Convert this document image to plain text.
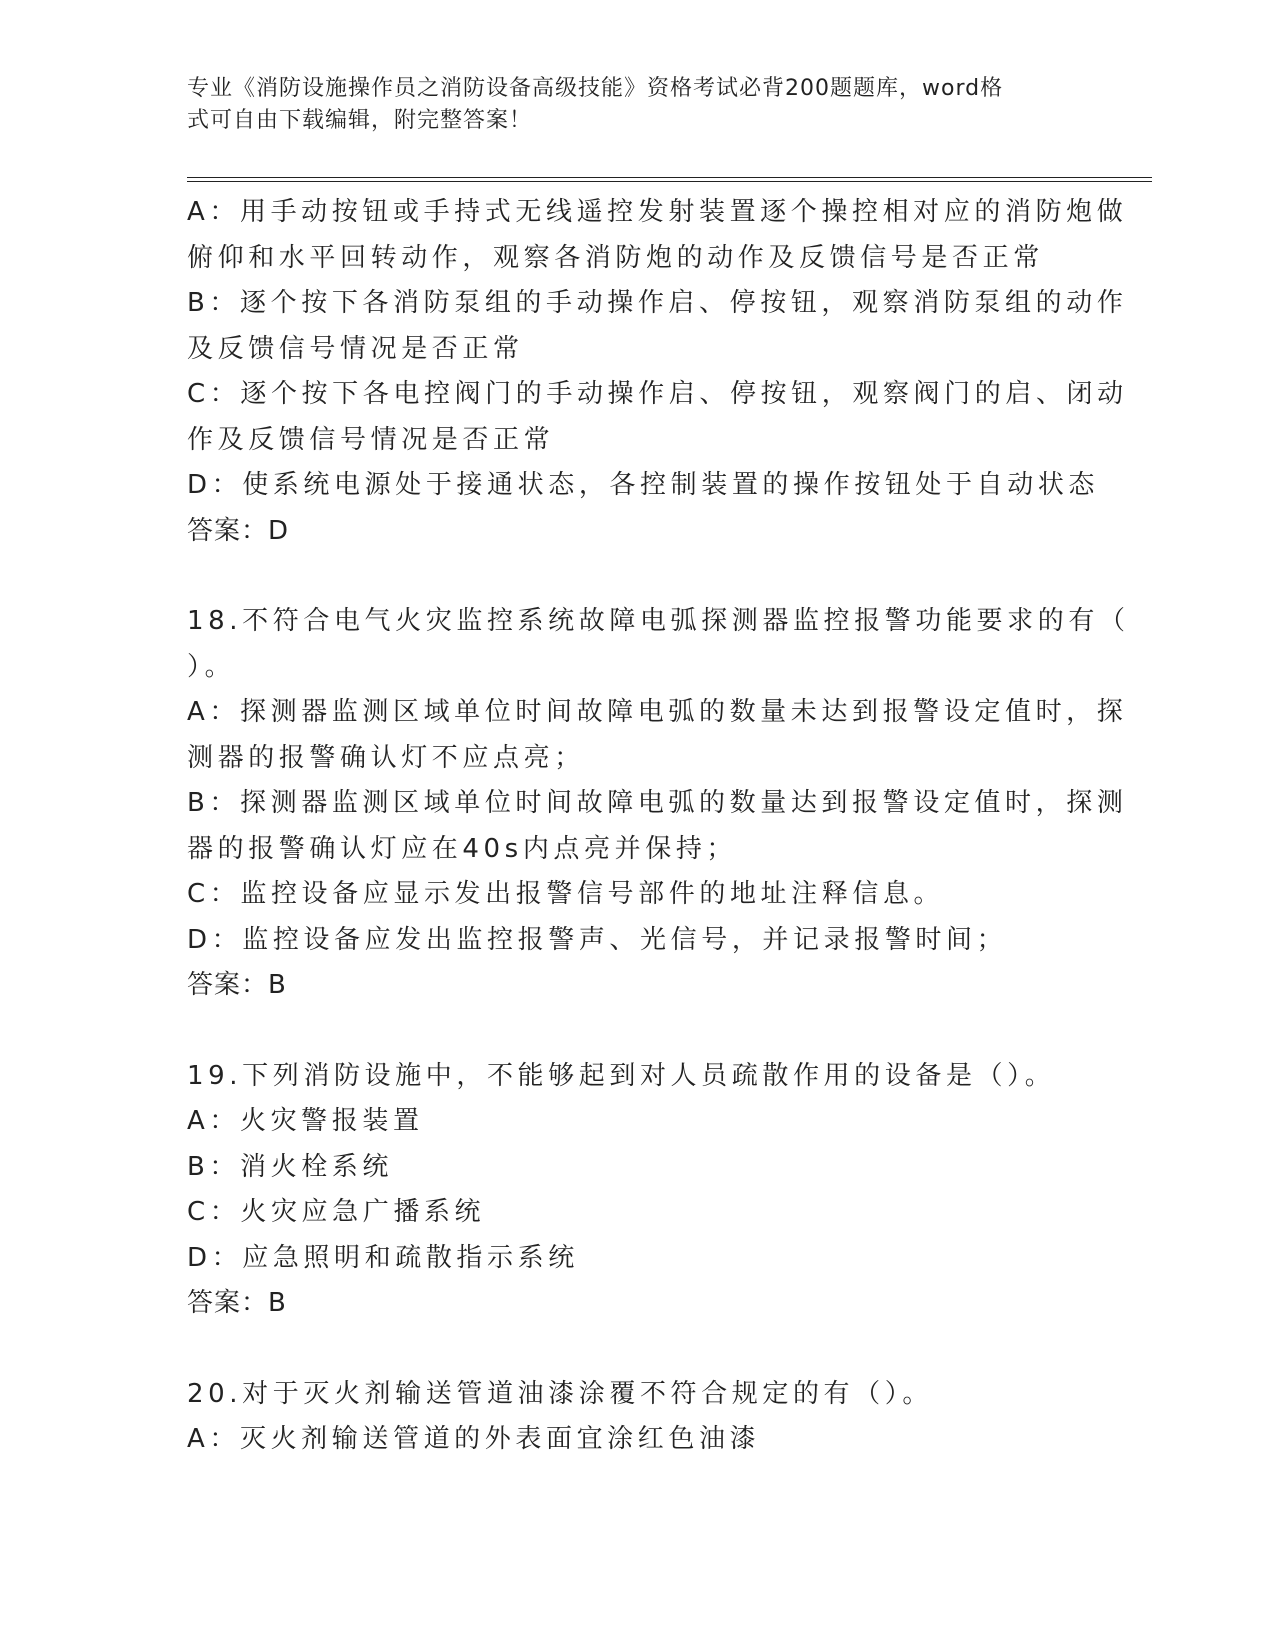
专业《消防设施操作员之消防设备高级技能》资格考试必背200题题库，word格
式可自由下载编辑，附完整答案！
A：用手动按钮或手持式无线遥控发射装置逐个操控相对应的消防炮做
俯仰和水平回转动作，观察各消防炮的动作及反馈信号是否正常
B：逐个按下各消防泵组的手动操作启、停按钮，观察消防泵组的动作
及反馈信号情况是否正常
C：逐个按下各电控阀门的手动操作启、停按钮，观察阀门的启、闭动
作及反馈信号情况是否正常
D：使系统电源处于接通状态，各控制装置的操作按钮处于自动状态
答案：D
18.不符合电气火灾监控系统故障电弧探测器监控报警功能要求的有（
）。
A：探测器监测区域单位时间故障电弧的数量未达到报警设定值时，探
测器的报警确认灯不应点亮；
B：探测器监测区域单位时间故障电弧的数量达到报警设定值时，探测
器的报警确认灯应在40s内点亮并保持；
C：监控设备应显示发出报警信号部件的地址注释信息。
D：监控设备应发出监控报警声、光信号，并记录报警时间；
答案：B
19.下列消防设施中，不能够起到对人员疏散作用的设备是（）。
A：火灾警报装置
B：消火栓系统
C：火灾应急广播系统
D：应急照明和疏散指示系统
答案：B
20.对于灭火剂输送管道油漆涂覆不符合规定的有（）。
A：灭火剂输送管道的外表面宜涂红色油漆
